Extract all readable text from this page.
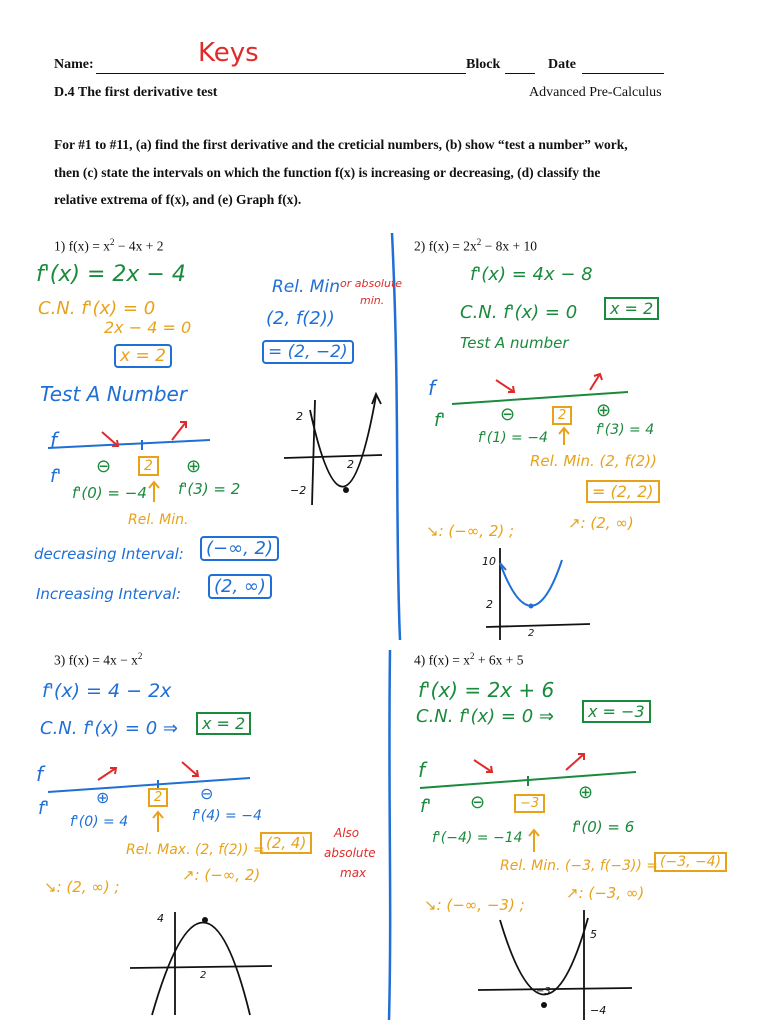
Name:	Keys	Block	Date
D.4 The first derivative test	Advanced Pre-Calculus
For #1 to #11, (a) find the first derivative and the creticial numbers, (b) show “test a number” work,
then (c) state the intervals on which the function f(x) is increasing or decreasing, (d) classify the
relative extrema of f(x), and (e) Graph f(x).
1) $f(x) = x^2 - 4x + 2$
f'(x) = 2x − 4
C.N. f'(x) = 0
2x − 4 = 0
x = 2
Test A Number
f
f' ⊖	2	⊕
f'(0) = −4 f'(3) = 2
Rel. Min.
decreasing Interval:	(−∞, 2)
Increasing Interval:	(2, ∞)
Rel. Min or absolute
min.
(2, f(2))
= (2, −2)
2
2
−2
2) $f(x) = 2x^2 - 8x + 10$
f'(x) = 4x − 8
C.N. f'(x) = 0	x = 2
Test A number
f
f'	⊖	2	⊕
f'(1) = −4	f'(3) = 4
Rel. Min. (2, f(2))
= (2, 2)
↘: (−∞, 2) ;	↗: (2, ∞)
10
2
2
3) $f(x) = 4x - x^2$
f'(x) = 4 − 2x
C.N. f'(x) = 0 ⇒	x = 2
f
f'
⊕	2	⊖
f'(0) = 4	f'(4) = −4
Rel. Max. (2, f(2)) = (2, 4)
Also
absolute
max
↘: (2, ∞) ;
↗: (−∞, 2)
4
2
4) $f(x) = x^2 + 6x + 5$
f'(x) = 2x + 6
C.N. f'(x) = 0 ⇒	x = −3
f
f' ⊖	−3
⊕
f'(−4) = −14
f'(0) = 6
Rel. Min. (−3, f(−3)) = (−3, −4)
↘: (−∞, −3) ;
↗: (−3, ∞)
5
−3
−4
